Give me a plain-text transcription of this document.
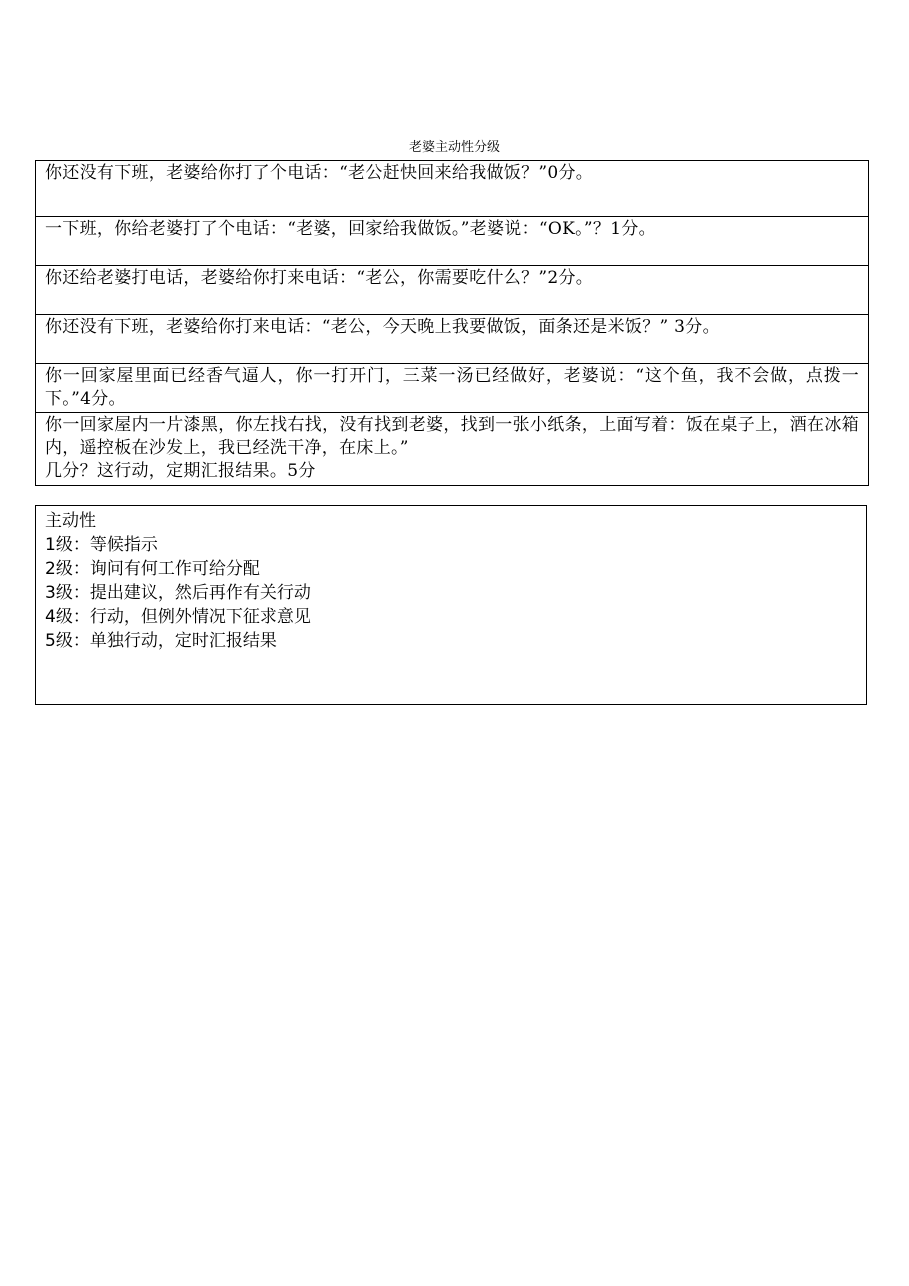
老婆主动性分级
你还没有下班，老婆给你打了个电话：“老公赶快回来给我做饭？”0分。
一下班，你给老婆打了个电话：“老婆，回家给我做饭。”老婆说：“OK。”？1分。
你还给老婆打电话，老婆给你打来电话：“老公，你需要吃什么？”2分。
你还没有下班，老婆给你打来电话：“老公，今天晚上我要做饭，面条还是米饭？” 3分。
你一回家屋里面已经香气逼人，你一打开门，三菜一汤已经做好，老婆说：“这个鱼，我不会做，点拨一下。”4分。
你一回家屋内一片漆黑，你左找右找，没有找到老婆，找到一张小纸条，上面写着：饭在桌子上，酒在冰箱内，遥控板在沙发上，我已经洗干净，在床上。”
几分？这行动，定期汇报结果。5分
主动性
1级：等候指示
2级：询问有何工作可给分配
3级：提出建议，然后再作有关行动
4级：行动，但例外情况下征求意见
5级：单独行动，定时汇报结果
